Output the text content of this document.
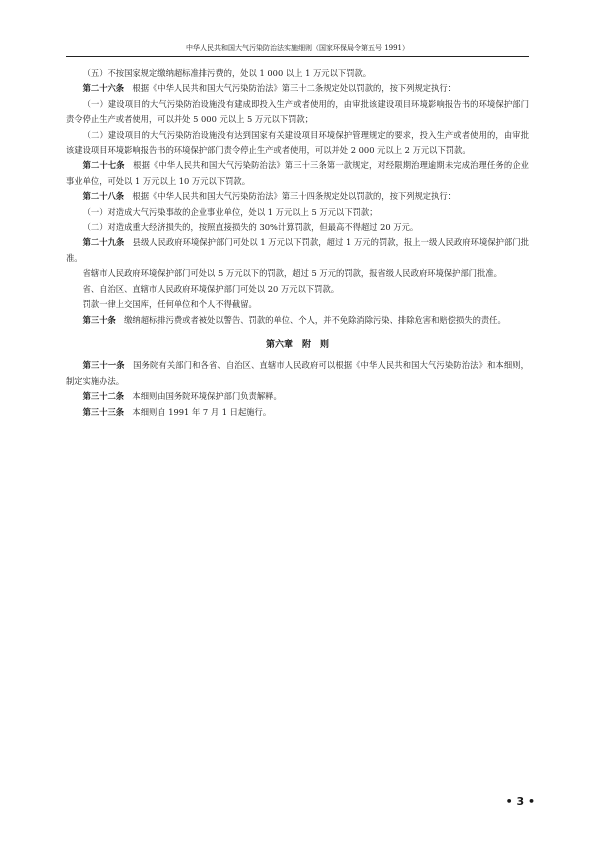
中华人民共和国大气污染防治法实施细则（国家环保局令第五号 1991）

（五）不按国家规定缴纳超标准排污费的，处以 1 000 以上 1 万元以下罚款。

第二十六条　根据《中华人民共和国大气污染防治法》第三十二条规定处以罚款的，按下列规定执行：

（一）建设项目的大气污染防治设施没有建成即投入生产或者使用的，由审批该建设项目环境影响报告书的环境保护部门责令停止生产或者使用，可以并处 5 000 元以上 5 万元以下罚款；

（二）建设项目的大气污染防治设施没有达到国家有关建设项目环境保护管理规定的要求，投入生产或者使用的，由审批该建设项目环境影响报告书的环境保护部门责令停止生产或者使用，可以并处 2 000 元以上 2 万元以下罚款。

第二十七条　根据《中华人民共和国大气污染防治法》第三十三条第一款规定，对经限期治理逾期未完成治理任务的企业事业单位，可处以 1 万元以上 10 万元以下罚款。

第二十八条　根据《中华人民共和国大气污染防治法》第三十四条规定处以罚款的，按下列规定执行：

（一）对造成大气污染事故的企业事业单位，处以 1 万元以上 5 万元以下罚款；

（二）对造成重大经济损失的，按照直接损失的 30%计算罚款，但最高不得超过 20 万元。

第二十九条　县级人民政府环境保护部门可处以 1 万元以下罚款，超过 1 万元的罚款，报上一级人民政府环境保护部门批准。

省辖市人民政府环境保护部门可处以 5 万元以下的罚款，超过 5 万元的罚款，报省级人民政府环境保护部门批准。

省、自治区、直辖市人民政府环境保护部门可处以 20 万元以下罚款。

罚款一律上交国库，任何单位和个人不得截留。

第三十条　缴纳超标排污费或者被处以警告、罚款的单位、个人，并不免除消除污染、排除危害和赔偿损失的责任。

第六章　附　则

第三十一条　国务院有关部门和各省、自治区、直辖市人民政府可以根据《中华人民共和国大气污染防治法》和本细则，制定实施办法。

第三十二条　本细则由国务院环境保护部门负责解释。

第三十三条　本细则自 1991 年 7 月 1 日起施行。

• 3 •
